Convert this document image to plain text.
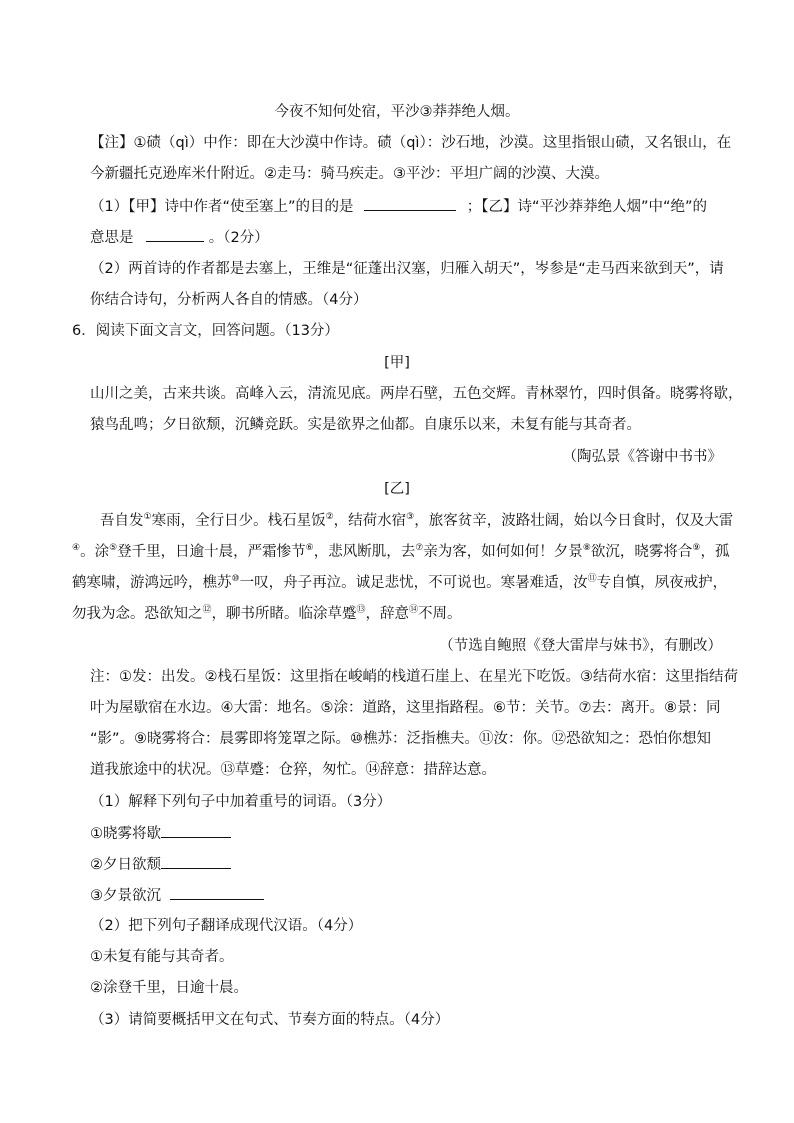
今夜不知何处宿，平沙③莽莽绝人烟。
【注】①碛（qì）中作：即在大沙漠中作诗。碛（qì）：沙石地，沙漠。这里指银山碛，又名银山，在
今新疆托克逊库米什附近。②走马：骑马疾走。③平沙：平坦广阔的沙漠、大漠。
（1）【甲】诗中作者“使至塞上”的目的是	；【乙】诗“平沙莽莽绝人烟”中“绝”的
意思是	。（2分）
（2）两首诗的作者都是去塞上，王维是“征蓬出汉塞，归雁入胡天”，岑参是“走马西来欲到天”，请
你结合诗句，分析两人各自的情感。（4分）
6．阅读下面文言文，回答问题。（13分）
[甲]
山川之美，古来共谈。高峰入云，清流见底。两岸石壁，五色交辉。青林翠竹，四时俱备。晓雾将歇，
猿鸟乱鸣；夕日欲颓，沉鳞竞跃。实是欲界之仙都。自康乐以来，未复有能与其奇者。
（陶弘景《答谢中书书》
[乙]
吾自发①寒雨，全行日少。栈石星饭②，结荷水宿③，旅客贫辛，波路壮阔，始以今日食时，仅及大雷
④。涂⑤登千里，日逾十晨，严霜惨节⑥，悲风断肌，去⑦亲为客，如何如何！夕景⑧欲沉，晓雾将合⑨，孤
鹤寒啸，游鸿远吟，樵苏⑩一叹，舟子再泣。诚足悲忧，不可说也。寒暑难适，汝⑪专自慎，夙夜戒护，
勿我为念。恐欲知之⑫，聊书所睹。临涂草蹙⑬，辞意⑭不周。
（节选自鲍照《登大雷岸与妹书》，有删改）
注：①发：出发。②栈石星饭：这里指在峻峭的栈道石崖上、在星光下吃饭。③结荷水宿：这里指结荷
叶为屋歇宿在水边。④大雷：地名。⑤涂：道路，这里指路程。⑥节：关节。⑦去：离开。⑧景：同
“影”。⑨晓雾将合：晨雾即将笼罩之际。⑩樵苏：泛指樵夫。⑪汝：你。⑫恐欲知之：恐怕你想知
道我旅途中的状况。⑬草蹙：仓猝，匆忙。⑭辞意：措辞达意。
（1）解释下列句子中加着重号的词语。（3分）
①晓雾将歇
②夕日欲颓
③夕景欲沉
（2）把下列句子翻译成现代汉语。（4分）
①未复有能与其奇者。
②涂登千里，日逾十晨。
（3）请简要概括甲文在句式、节奏方面的特点。（4分）
